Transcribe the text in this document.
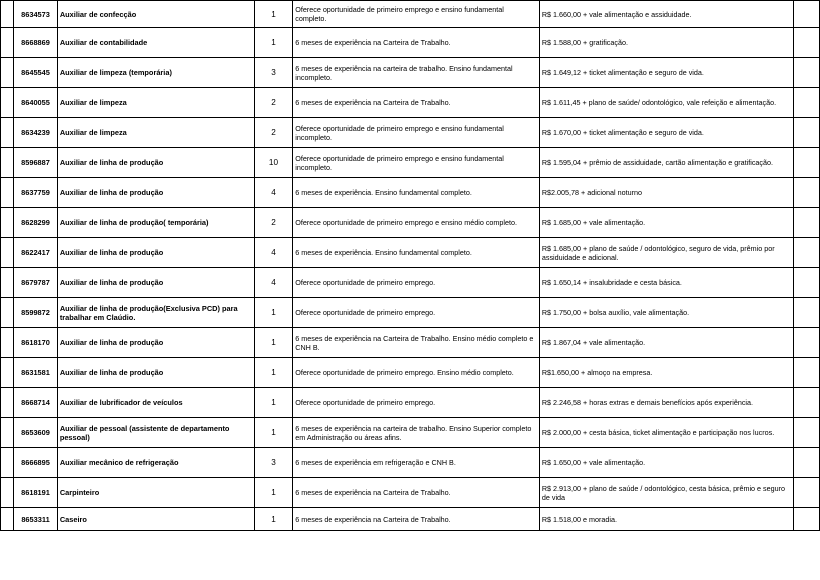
	8634573	Auxiliar de confecção	1	Oferece oportunidade de primeiro emprego e ensino fundamental completo.	R$ 1.660,00 + vale alimentação e assiduidade.	
	8668869	Auxiliar de contabilidade	1	6 meses de experiência na Carteira de Trabalho.	R$ 1.588,00 + gratificação.	
	8645545	Auxiliar de limpeza (temporária)	3	6 meses de experiência na carteira de trabalho. Ensino fundamental incompleto.	R$ 1.649,12 + ticket alimentação e seguro de vida.	
	8640055	Auxiliar de limpeza	2	6 meses de experiência na Carteira de Trabalho.	R$ 1.611,45 + plano de saúde/ odontológico, vale refeição e alimentação.	
	8634239	Auxiliar de limpeza	2	Oferece oportunidade de primeiro emprego e ensino fundamental incompleto.	R$ 1.670,00 + ticket alimentação e seguro de vida.	
	8596887	Auxiliar de linha de produção	10	Oferece oportunidade de primeiro emprego e ensino fundamental incompleto.	R$ 1.595,04 + prêmio de assiduidade, cartão alimentação e gratificação.	
	8637759	Auxiliar de linha de produção	4	6 meses de experiência. Ensino fundamental completo.	R$2.005,78 + adicional noturno	
	8628299	Auxiliar de linha de produção( temporária)	2	Oferece oportunidade de primeiro emprego e ensino médio completo.	R$ 1.685,00 + vale alimentação.	
	8622417	Auxiliar de linha de produção	4	6 meses de experiência. Ensino fundamental completo.	R$ 1.685,00 + plano de saúde / odontológico, seguro de vida, prêmio por assiduidade e adicional.	
	8679787	Auxiliar de linha de produção	4	Oferece oportunidade de primeiro emprego.	R$ 1.650,14 + insalubridade e cesta básica.	
	8599872	Auxiliar de linha de produção(Exclusiva PCD) para trabalhar em Claúdio.	1	Oferece oportunidade de primeiro emprego.	R$ 1.750,00 + bolsa auxílio, vale alimentação.	
	8618170	Auxiliar de linha de produção	1	6 meses de experiência na Carteira de Trabalho. Ensino médio completo e CNH B.	R$ 1.867,04 + vale alimentação.	
	8631581	Auxiliar de linha de produção	1	Oferece oportunidade de primeiro emprego. Ensino médio completo.	R$1.650,00 + almoço na empresa.	
	8668714	Auxiliar de lubrificador de veículos	1	Oferece oportunidade de primeiro emprego.	R$ 2.246,58 + horas extras e demais benefícios após experiência.	
	8653609	Auxiliar de pessoal (assistente de departamento pessoal)	1	6 meses de experiência na carteira de trabalho. Ensino Superior completo em Administração ou áreas afins.	R$ 2.000,00 + cesta básica, ticket alimentação e participação nos lucros.	
	8666895	Auxiliar mecânico de refrigeração	3	6 meses de experiência em refrigeração e CNH B.	R$ 1.650,00 + vale alimentação.	
	8618191	Carpinteiro	1	6 meses de experiência na Carteira de Trabalho.	R$ 2.913,00 + plano de saúde / odontológico, cesta básica, prêmio e seguro de vida	
	8653311	Caseiro	1	6 meses de experiência na Carteira de Trabalho.	R$ 1.518,00 e moradia.	
